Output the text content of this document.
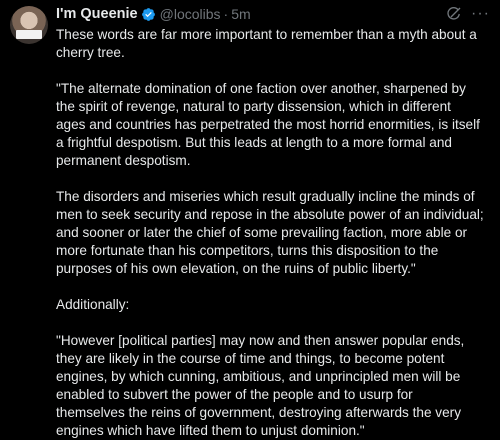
I'm Queenie @locolibs · 5m	···

These words are far more important to remember than a myth about a cherry tree.

"The alternate domination of one faction over another, sharpened by the spirit of revenge, natural to party dissension, which in different ages and countries has perpetrated the most horrid enormities, is itself a frightful despotism. But this leads at length to a more formal and permanent despotism.

The disorders and miseries which result gradually incline the minds of men to seek security and repose in the absolute power of an individual; and sooner or later the chief of some prevailing faction, more able or more fortunate than his competitors, turns this disposition to the purposes of his own elevation, on the ruins of public liberty."

Additionally:

"However [political parties] may now and then answer popular ends, they are likely in the course of time and things, to become potent engines, by which cunning, ambitious, and unprincipled men will be enabled to subvert the power of the people and to usurp for themselves the reins of government, destroying afterwards the very engines which have lifted them to unjust dominion."
